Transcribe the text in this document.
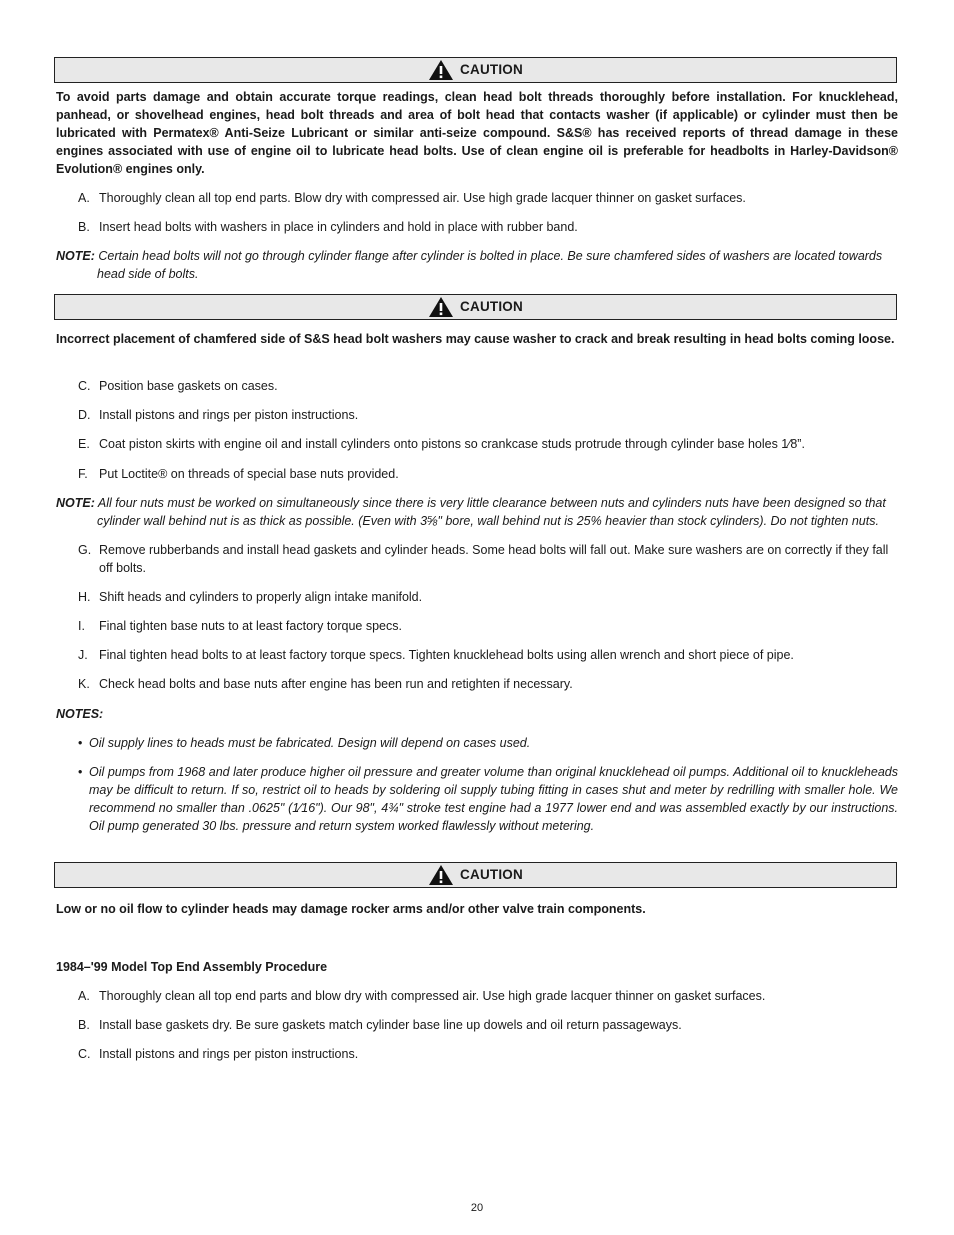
CAUTION
To avoid parts damage and obtain accurate torque readings, clean head bolt threads thoroughly before installation. For knucklehead, panhead, or shovelhead engines, head bolt threads and area of bolt head that contacts washer (if applicable) or cylinder must then be lubricated with Permatex® Anti-Seize Lubricant or similar anti-seize compound. S&S® has received reports of thread damage in these engines associated with use of engine oil to lubricate head bolts. Use of clean engine oil is preferable for headbolts in Harley-Davidson® Evolution® engines only.
A. Thoroughly clean all top end parts. Blow dry with compressed air. Use high grade lacquer thinner on gasket surfaces.
B. Insert head bolts with washers in place in cylinders and hold in place with rubber band.
NOTE: Certain head bolts will not go through cylinder flange after cylinder is bolted in place. Be sure chamfered sides of washers are located towards
head side of bolts.
CAUTION
Incorrect placement of chamfered side of S&S head bolt washers may cause washer to crack and break resulting in head bolts coming loose.
C. Position base gaskets on cases.
D. Install pistons and rings per piston instructions.
E. Coat piston skirts with engine oil and install cylinders onto pistons so crankcase studs protrude through cylinder base holes 1⁄8”.
F. Put Loctite® on threads of special base nuts provided.
NOTE: All four nuts must be worked on simultaneously since there is very little clearance between nuts and cylinders nuts have been designed so that
cylinder wall behind nut is as thick as possible. (Even with 3⅝" bore, wall behind nut is 25% heavier than stock cylinders). Do not tighten nuts.
G. Remove rubberbands and install head gaskets and cylinder heads. Some head bolts will fall out. Make sure washers are on correctly if they fall off bolts.
H. Shift heads and cylinders to properly align intake manifold.
I.	Final tighten base nuts to at least factory torque specs.
J. Final tighten head bolts to at least factory torque specs. Tighten knucklehead bolts using allen wrench and short piece of pipe.
K. Check head bolts and base nuts after engine has been run and retighten if necessary.
NOTES:
• Oil supply lines to heads must be fabricated. Design will depend on cases used.
• Oil pumps from 1968 and later produce higher oil pressure and greater volume than original knucklehead oil pumps. Additional oil to knuckleheads may be difficult to return. If so, restrict oil to heads by soldering oil supply tubing fitting in cases shut and meter by redrilling with smaller hole. We recommend no smaller than .0625" (1⁄16"). Our 98", 4¾" stroke test engine had a 1977 lower end and was assembled exactly by our instructions. Oil pump generated 30 lbs. pressure and return system worked flawlessly without metering.
CAUTION
Low or no oil flow to cylinder heads may damage rocker arms and/or other valve train components.
1984–'99 Model Top End Assembly Procedure
A. Thoroughly clean all top end parts and blow dry with compressed air. Use high grade lacquer thinner on gasket surfaces.
B. Install base gaskets dry. Be sure gaskets match cylinder base line up dowels and oil return passageways.
C. Install pistons and rings per piston instructions.
20
